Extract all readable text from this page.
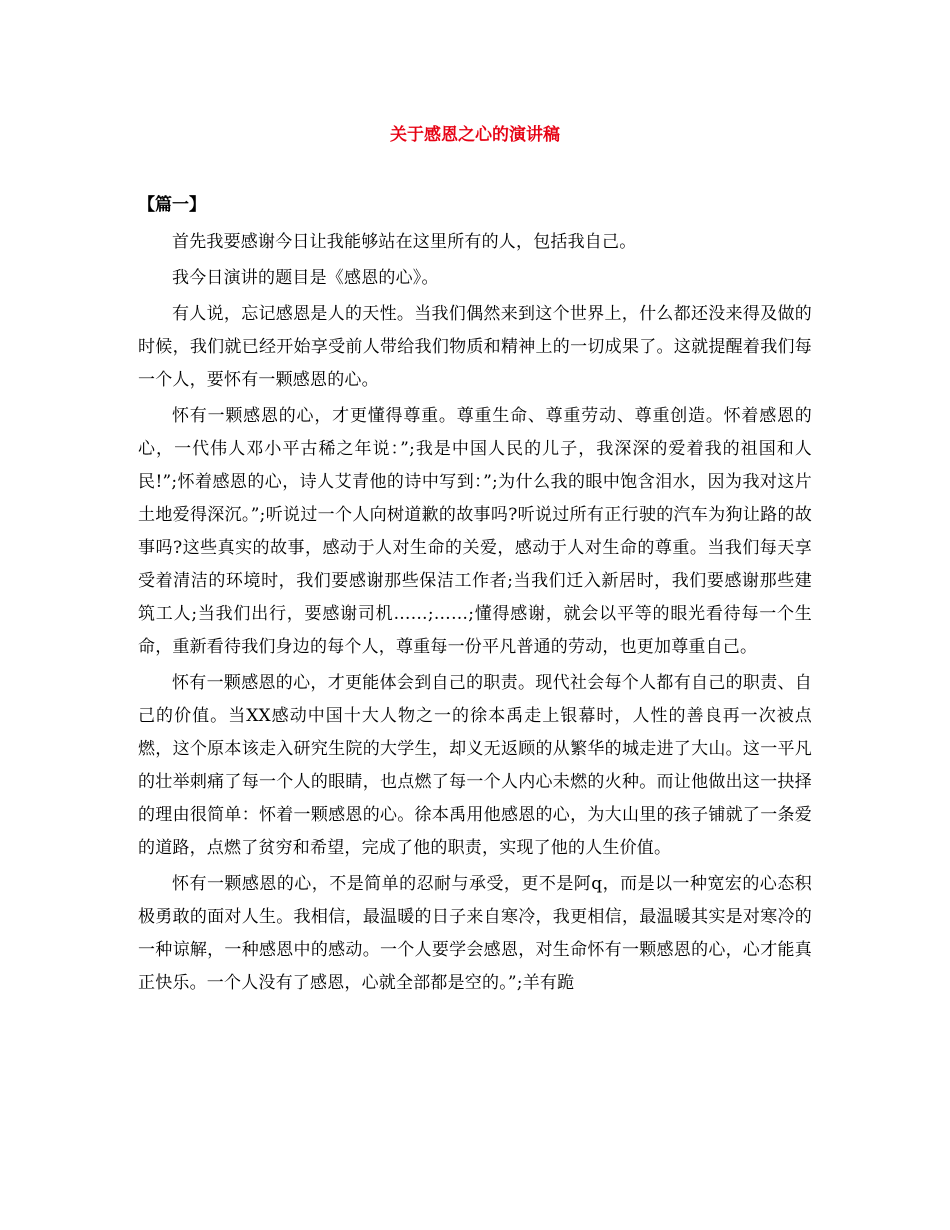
关于感恩之心的演讲稿
【篇一】

首先我要感谢今日让我能够站在这里所有的人，包括我自己。

我今日演讲的题目是《感恩的心》。

有人说，忘记感恩是人的天性。当我们偶然来到这个世界上，什么都还没来得及做的时候，我们就已经开始享受前人带给我们物质和精神上的一切成果了。这就提醒着我们每一个人，要怀有一颗感恩的心。

怀有一颗感恩的心，才更懂得尊重。尊重生命、尊重劳动、尊重创造。怀着感恩的心，一代伟人邓小平古稀之年说：”;我是中国人民的儿子，我深深的爱着我的祖国和人民!”;怀着感恩的心，诗人艾青他的诗中写到：”;为什么我的眼中饱含泪水，因为我对这片土地爱得深沉。”;听说过一个人向树道歉的故事吗?听说过所有正行驶的汽车为狗让路的故事吗?这些真实的故事，感动于人对生命的关爱，感动于人对生命的尊重。当我们每天享受着清洁的环境时，我们要感谢那些保洁工作者;当我们迁入新居时，我们要感谢那些建筑工人;当我们出行，要感谢司机……;……;懂得感谢，就会以平等的眼光看待每一个生命，重新看待我们身边的每个人，尊重每一份平凡普通的劳动，也更加尊重自己。

怀有一颗感恩的心，才更能体会到自己的职责。现代社会每个人都有自己的职责、自己的价值。当XX感动中国十大人物之一的徐本禹走上银幕时，人性的善良再一次被点燃，这个原本该走入研究生院的大学生，却义无返顾的从繁华的城走进了大山。这一平凡的壮举刺痛了每一个人的眼睛，也点燃了每一个人内心未燃的火种。而让他做出这一抉择的理由很简单：怀着一颗感恩的心。徐本禹用他感恩的心，为大山里的孩子铺就了一条爱的道路，点燃了贫穷和希望，完成了他的职责，实现了他的人生价值。

怀有一颗感恩的心，不是简单的忍耐与承受，更不是阿q，而是以一种宽宏的心态积极勇敢的面对人生。我相信，最温暖的日子来自寒冷，我更相信，最温暖其实是对寒冷的一种谅解，一种感恩中的感动。一个人要学会感恩，对生命怀有一颗感恩的心，心才能真正快乐。一个人没有了感恩，心就全部都是空的。”;羊有跪
